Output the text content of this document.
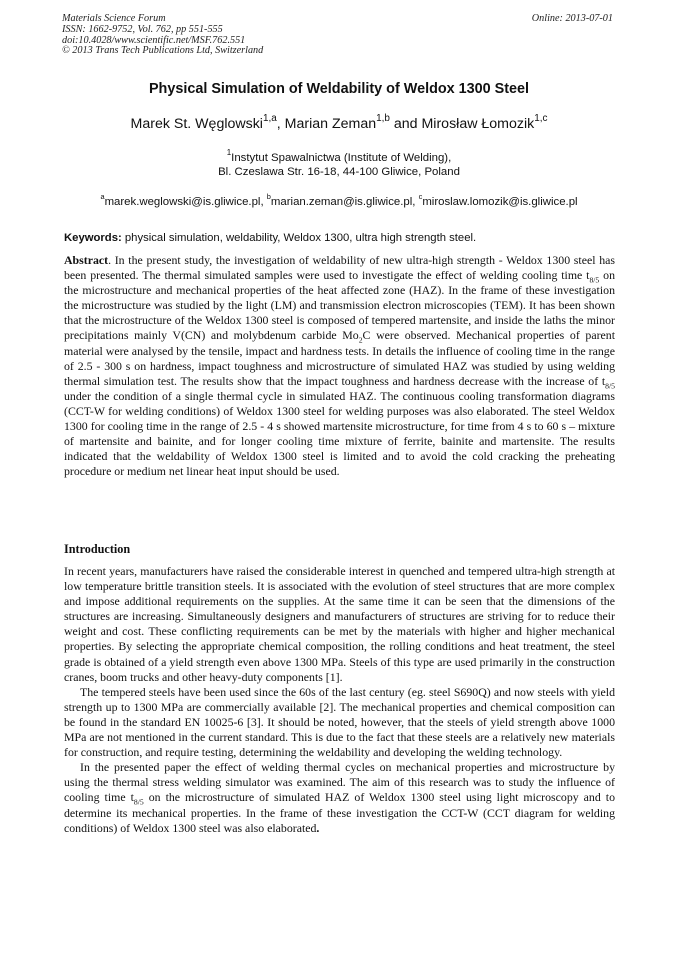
Materials Science Forum
ISSN: 1662-9752, Vol. 762, pp 551-555
doi:10.4028/www.scientific.net/MSF.762.551
© 2013 Trans Tech Publications Ltd, Switzerland
Online: 2013-07-01
Physical Simulation of Weldability of Weldox 1300 Steel
Marek St. Węglowski$^{1,a}$, Marian Zeman$^{1,b}$ and Mirosław Łomozik$^{1,c}$
$^1$Instytut Spawalnictwa (Institute of Welding),
Bl. Czeslawa Str. 16-18, 44-100 Gliwice, Poland
$^a$marek.weglowski@is.gliwice.pl, $^b$marian.zeman@is.gliwice.pl, $^c$miroslaw.lomozik@is.gliwice.pl
Keywords: physical simulation, weldability, Weldox 1300, ultra high strength steel.

Abstract. In the present study, the investigation of weldability of new ultra-high strength - Weldox 1300 steel has been presented. The thermal simulated samples were used to investigate the effect of welding cooling time $t_{8/5}$ on the microstructure and mechanical properties of the heat affected zone (HAZ). In the frame of these investigation the microstructure was studied by the light (LM) and transmission electron microscopies (TEM). It has been shown that the microstructure of the Weldox 1300 steel is composed of tempered martensite, and inside the laths the minor precipitations mainly V(CN) and molybdenum carbide $Mo_2C$ were observed. Mechanical properties of parent material were analysed by the tensile, impact and hardness tests. In details the influence of cooling time in the range of 2.5 - 300 s on hardness, impact toughness and microstructure of simulated HAZ was studied by using welding thermal simulation test. The results show that the impact toughness and hardness decrease with the increase of $t_{8/5}$ under the condition of a single thermal cycle in simulated HAZ. The continuous cooling transformation diagrams (CCT-W for welding conditions) of Weldox 1300 steel for welding purposes was also elaborated. The steel Weldox 1300 for cooling time in the range of 2.5 - 4 s showed martensite microstructure, for time from 4 s to 60 s – mixture of martensite and bainite, and for longer cooling time mixture of ferrite, bainite and martensite. The results indicated that the weldability of Weldox 1300 steel is limited and to avoid the cold cracking the preheating procedure or medium net linear heat input should be used.

Introduction

In recent years, manufacturers have raised the considerable interest in quenched and tempered ultra-high strength at low temperature brittle transition steels. It is associated with the evolution of steel structures that are more complex and impose additional requirements on the supplies. At the same time it can be seen that the dimensions of the structures are increasing. Simultaneously designers and manufacturers of structures are striving for to reduce their weight and cost. These conflicting requirements can be met by the materials with higher and higher mechanical properties. By selecting the appropriate chemical composition, the rolling conditions and heat treatment, the steel grade is obtained of a yield strength even above 1300 MPa. Steels of this type are used primarily in the construction cranes, boom trucks and other heavy-duty components [1].

The tempered steels have been used since the 60s of the last century (eg. steel S690Q) and now steels with yield strength up to 1300 MPa are commercially available [2]. The mechanical properties and chemical composition can be found in the standard EN 10025-6 [3]. It should be noted, however, that the steels of yield strength above 1000 MPa are not mentioned in the current standard. This is due to the fact that these steels are a relatively new materials for construction, and require testing, determining the weldability and developing the welding technology.

In the presented paper the effect of welding thermal cycles on mechanical properties and microstructure by using the thermal stress welding simulator was examined. The aim of this research was to study the influence of cooling time $t_{8/5}$ on the microstructure of simulated HAZ of Weldox 1300 steel using light microscopy and to determine its mechanical properties. In the frame of these investigation the CCT-W (CCT diagram for welding conditions) of Weldox 1300 steel was also elaborated.
